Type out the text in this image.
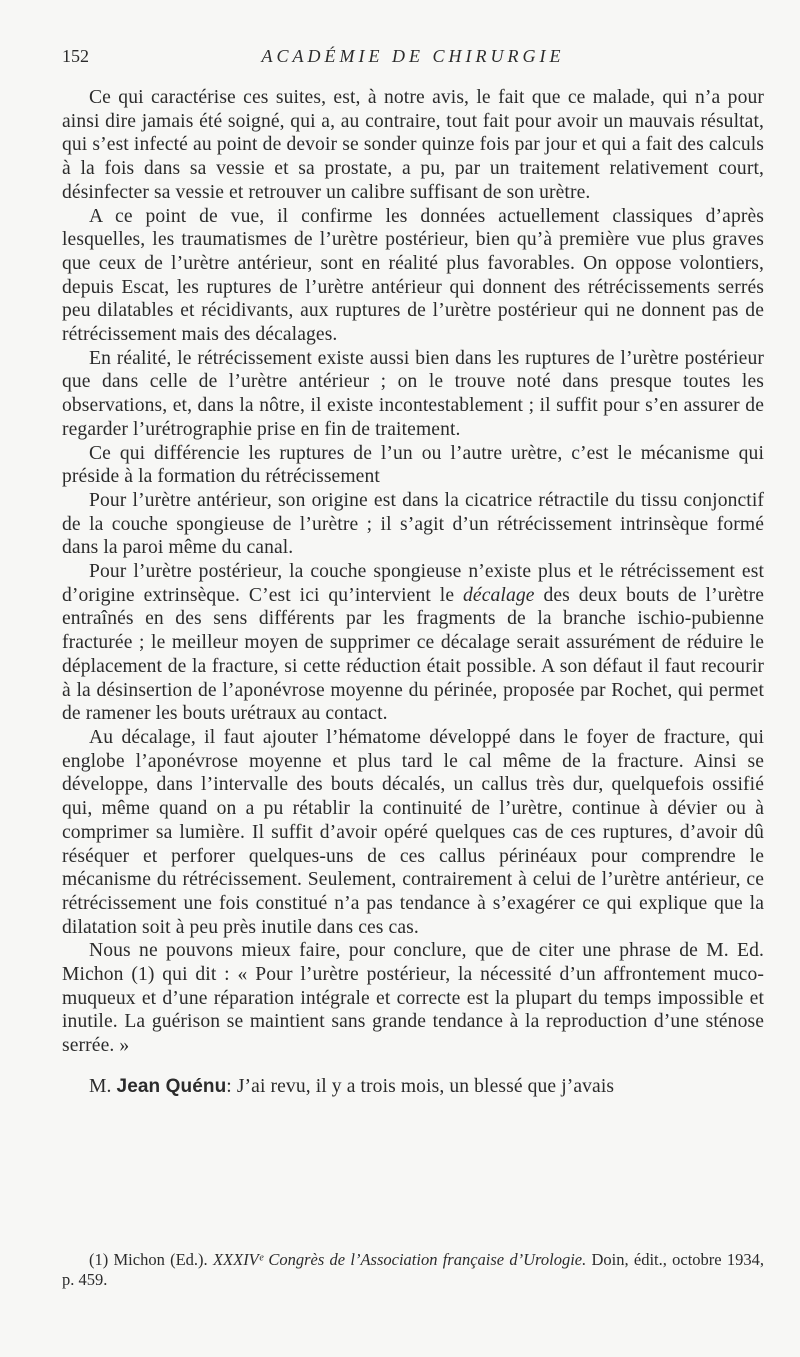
152	ACADÉMIE DE CHIRURGIE

Ce qui caractérise ces suites, est, à notre avis, le fait que ce malade, qui n’a pour ainsi dire jamais été soigné, qui a, au contraire, tout fait pour avoir un mauvais résultat, qui s’est infecté au point de devoir se sonder quinze fois par jour et qui a fait des calculs à la fois dans sa vessie et sa prostate, a pu, par un traitement relativement court, désinfecter sa vessie et retrouver un calibre suffisant de son urètre.

A ce point de vue, il confirme les données actuellement classiques d’après lesquelles, les traumatismes de l’urètre postérieur, bien qu’à première vue plus graves que ceux de l’urètre antérieur, sont en réalité plus favorables. On oppose volontiers, depuis Escat, les ruptures de l’urètre antérieur qui donnent des rétrécissements serrés peu dilatables et récidivants, aux ruptures de l’urètre postérieur qui ne donnent pas de rétrécissement mais des décalages.

En réalité, le rétrécissement existe aussi bien dans les ruptures de l’urètre postérieur que dans celle de l’urètre antérieur ; on le trouve noté dans presque toutes les observations, et, dans la nôtre, il existe incontestablement ; il suffit pour s’en assurer de regarder l’urétrographie prise en fin de traitement.

Ce qui différencie les ruptures de l’un ou l’autre urètre, c’est le mécanisme qui préside à la formation du rétrécissement

Pour l’urètre antérieur, son origine est dans la cicatrice rétractile du tissu conjonctif de la couche spongieuse de l’urètre ; il s’agit d’un rétrécissement intrinsèque formé dans la paroi même du canal.

Pour l’urètre postérieur, la couche spongieuse n’existe plus et le rétrécissement est d’origine extrinsèque. C’est ici qu’intervient le décalage des deux bouts de l’urètre entraînés en des sens différents par les fragments de la branche ischio-pubienne fracturée ; le meilleur moyen de supprimer ce décalage serait assurément de réduire le déplacement de la fracture, si cette réduction était possible. A son défaut il faut recourir à la désinsertion de l’aponévrose moyenne du périnée, proposée par Rochet, qui permet de ramener les bouts urétraux au contact.

Au décalage, il faut ajouter l’hématome développé dans le foyer de fracture, qui englobe l’aponévrose moyenne et plus tard le cal même de la fracture. Ainsi se développe, dans l’intervalle des bouts décalés, un callus très dur, quelquefois ossifié qui, même quand on a pu rétablir la continuité de l’urètre, continue à dévier ou à comprimer sa lumière. Il suffit d’avoir opéré quelques cas de ces ruptures, d’avoir dû réséquer et perforer quelques-uns de ces callus périnéaux pour comprendre le mécanisme du rétrécissement. Seulement, contrairement à celui de l’urètre antérieur, ce rétrécissement une fois constitué n’a pas tendance à s’exagérer ce qui explique que la dilatation soit à peu près inutile dans ces cas.

Nous ne pouvons mieux faire, pour conclure, que de citer une phrase de M. Ed. Michon (1) qui dit : « Pour l’urètre postérieur, la nécessité d’un affrontement muco-muqueux et d’une réparation intégrale et correcte est la plupart du temps impossible et inutile. La guérison se maintient sans grande tendance à la reproduction d’une sténose serrée. »

M. Jean Quénu: J’ai revu, il y a trois mois, un blessé que j’avais

(1) Michon (Ed.). XXXIVᵉ Congrès de l’Association française d’Urologie. Doin, édit., octobre 1934, p. 459.
